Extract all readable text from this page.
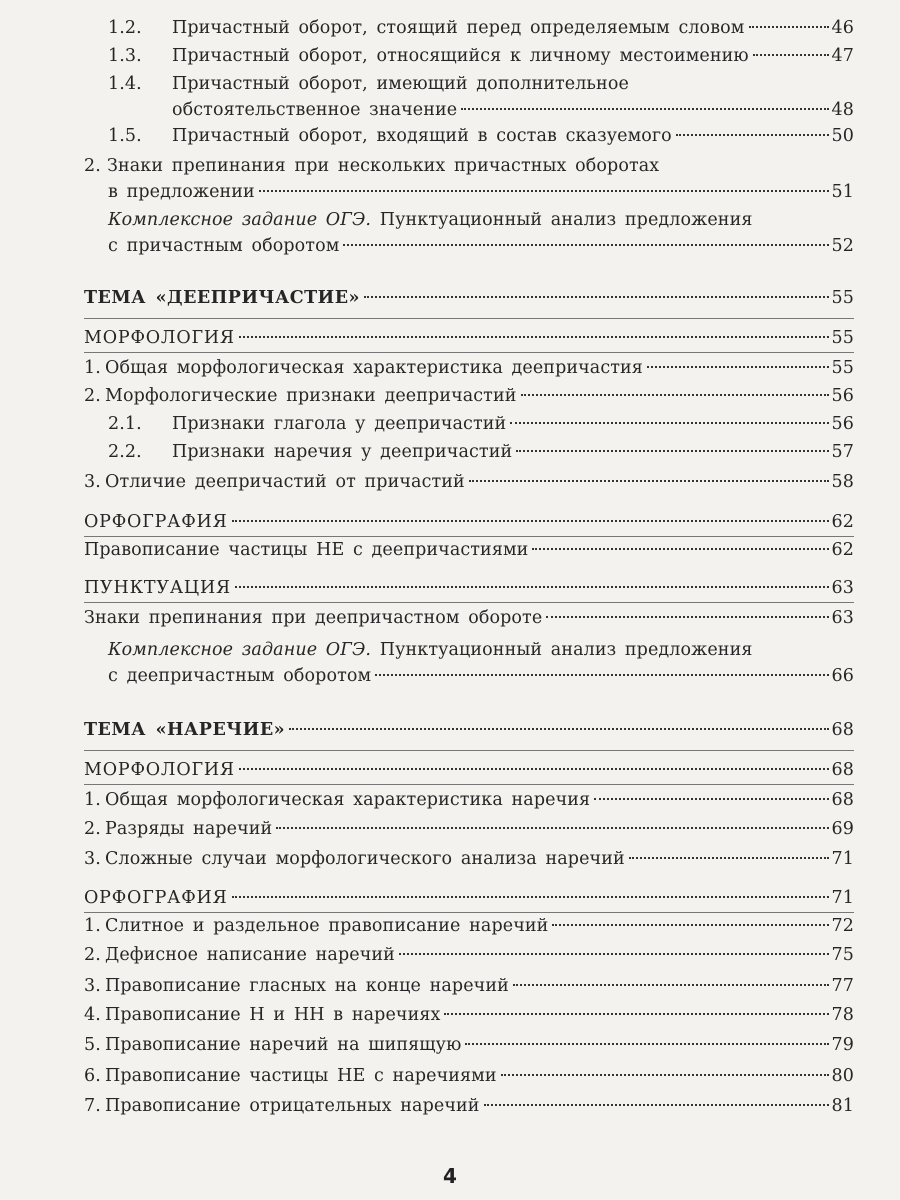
1.2. Причастный оборот, стоящий перед определяемым словом	46
1.3. Причастный оборот, относящийся к личному местоимению	47
1.4. Причастный оборот, имеющий дополнительное
обстоятельственное значение	48
1.5. Причастный оборот, входящий в состав сказуемого	50
2. Знаки препинания при нескольких причастных оборотах
в предложении	51
Комплексное задание ОГЭ. Пунктуационный анализ предложения
с причастным оборотом	52
ТЕМА «ДЕЕПРИЧАСТИЕ»	55
МОРФОЛОГИЯ	55
1. Общая морфологическая характеристика деепричастия	55
2. Морфологические признаки деепричастий	56
2.1. Признаки глагола у деепричастий	56
2.2. Признаки наречия у деепричастий	57
3. Отличие деепричастий от причастий	58
ОРФОГРАФИЯ	62
Правописание частицы НЕ с деепричастиями	62
ПУНКТУАЦИЯ	63
Знаки препинания при деепричастном обороте	63
Комплексное задание ОГЭ. Пунктуационный анализ предложения
с деепричастным оборотом	66
ТЕМА «НАРЕЧИЕ»	68
МОРФОЛОГИЯ	68
1. Общая морфологическая характеристика наречия	68
2. Разряды наречий	69
3. Сложные случаи морфологического анализа наречий	71
ОРФОГРАФИЯ	71
1. Слитное и раздельное правописание наречий	72
2. Дефисное написание наречий	75
3. Правописание гласных на конце наречий	77
4. Правописание Н и НН в наречиях	78
5. Правописание наречий на шипящую	79
6. Правописание частицы НЕ с наречиями	80
7. Правописание отрицательных наречий	81
4
